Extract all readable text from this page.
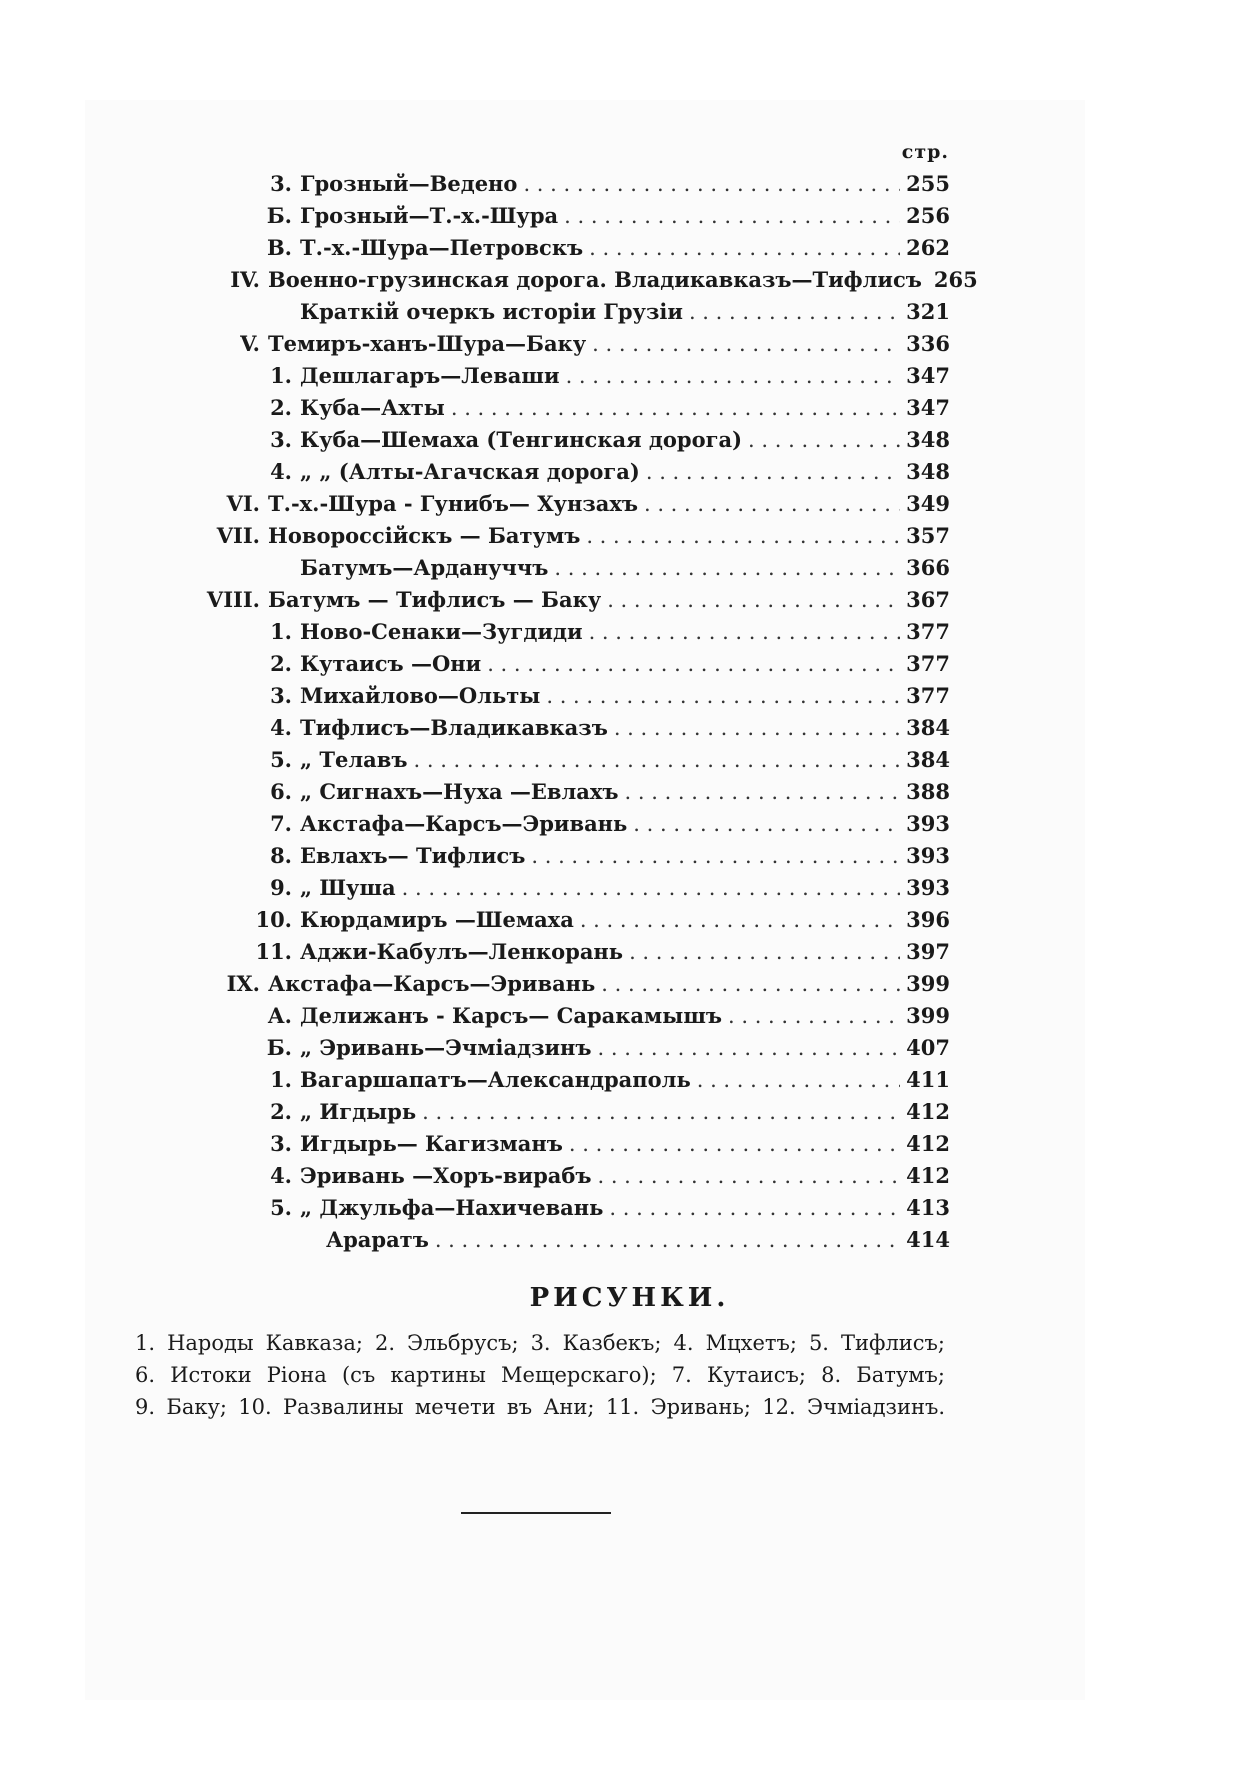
стр.
3. Грозный—Ведено . . .	255
Б. Грозный—Т.-х.-Шура . . .	256
В. Т.-х.-Шура—Петровскъ . . .	262
IV. Военно-грузинская дорога. Владикавказъ—Тифлисъ 265
Краткій очеркъ исторіи Грузіи . . .	321
V. Темиръ-ханъ-Шура—Баку . . .	336
1. Дешлагаръ—Леваши . . .	347
2. Куба—Ахты . . .	347
3. Куба—Шемаха (Тенгинская дорога) . . .	348
4. „ „ (Алты-Агачская дорога) . . .	348
VI. Т.-х.-Шура - Гунибъ— Хунзахъ . . .	349
VII. Новороссійскъ — Батумъ . . .	357
Батумъ—Ардануччъ . . .	366
VIII. Батумъ — Тифлисъ — Баку . . .	367
1. Ново-Сенаки—Зугдиди . . .	377
2. Кутаисъ —Они . . .	377
3. Михайлово—Ольты . . .	377
4. Тифлисъ—Владикавказъ . . .	384
5. „ Телавъ . . .	384
6. „ Сигнахъ—Нуха —Евлахъ . . .	388
7. Акстафа—Карсъ—Эривань . . .	393
8. Евлахъ— Тифлисъ . . .	393
9. „ Шуша . . .	393
10. Кюрдамиръ —Шемаха . . .	396
11. Аджи-Кабулъ—Ленкорань . . .	397
IX. Акстафа—Карсъ—Эривань . . .	399
А. Делижанъ - Карсъ— Саракамышъ . . .	399
Б. „ Эривань—Эчміадзинъ . . .	407
1. Вагаршапатъ—Александраполь . . .	411
2. „ Игдырь . . .	412
3. Игдырь— Кагизманъ . . .	412
4. Эривань —Хоръ-вирабъ . . .	412
5. „ Джульфа—Нахичевань . . .	413
Араратъ . . .	414
РИСУНКИ.

1. Народы Кавказа; 2. Эльбрусъ; 3. Казбекъ; 4. Мцхетъ; 5. Тифлисъ;

6. Истоки Ріона (съ картины Мещерскаго); 7. Кутаисъ; 8. Батумъ;

9. Баку; 10. Развалины мечети въ Ани; 11. Эривань; 12. Эчміадзинъ.
